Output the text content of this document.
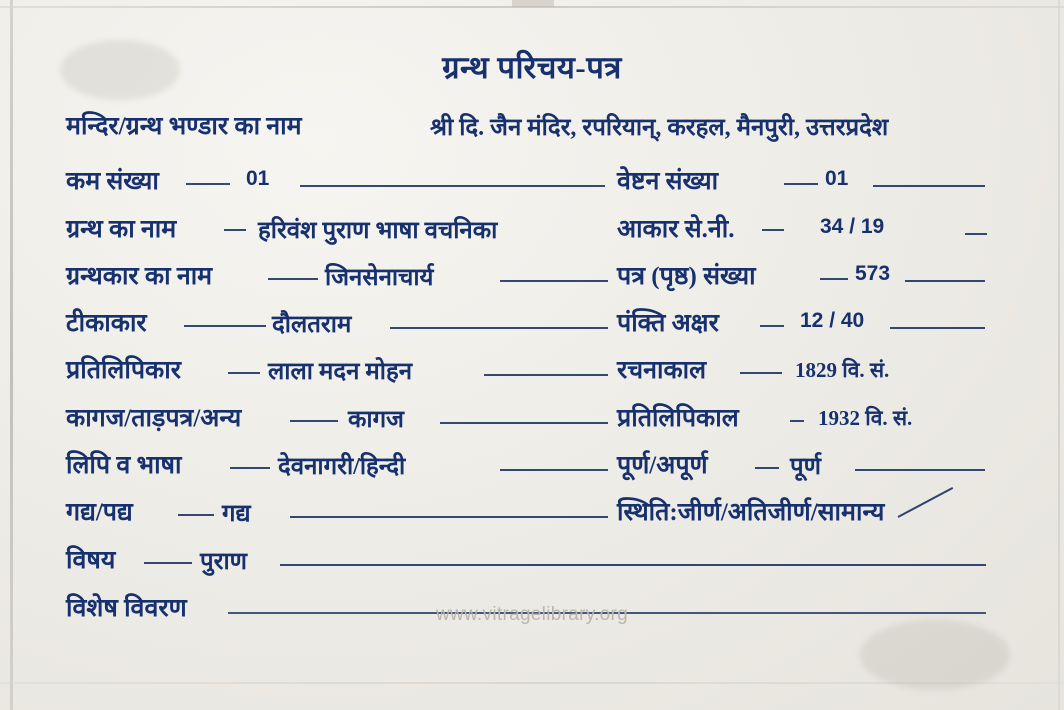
ग्रन्थ परिचय-पत्र
मन्दिर/ग्रन्थ भण्डार का नाम	श्री दि. जैन मंदिर, रपरियान्, करहल, मैनपुरी, उत्तरप्रदेश
कम संख्या	01	वेष्टन संख्या	01
ग्रन्थ का नाम	हरिवंश पुराण भाषा वचनिका	आकार से.नी.	34 / 19
ग्रन्थकार का नाम	जिनसेनाचार्य	पत्र (पृष्ठ) संख्या	573
टीकाकार	दौलतराम	पंक्ति अक्षर	12 / 40
प्रतिलिपिकार	लाला मदन मोहन	रचनाकाल	1829 वि. सं.
कागज/ताड़पत्र/अन्य	कागज	प्रतिलिपिकाल	1932 वि. सं.
लिपि व भाषा	देवनागरी/हिन्दी	पूर्ण/अपूर्ण	पूर्ण
गद्य/पद्य	गद्य	स्थिति:जीर्ण/अतिजीर्ण/सामान्य
विषय	पुराण
विशेष विवरण	www.vitragelibrary.org
